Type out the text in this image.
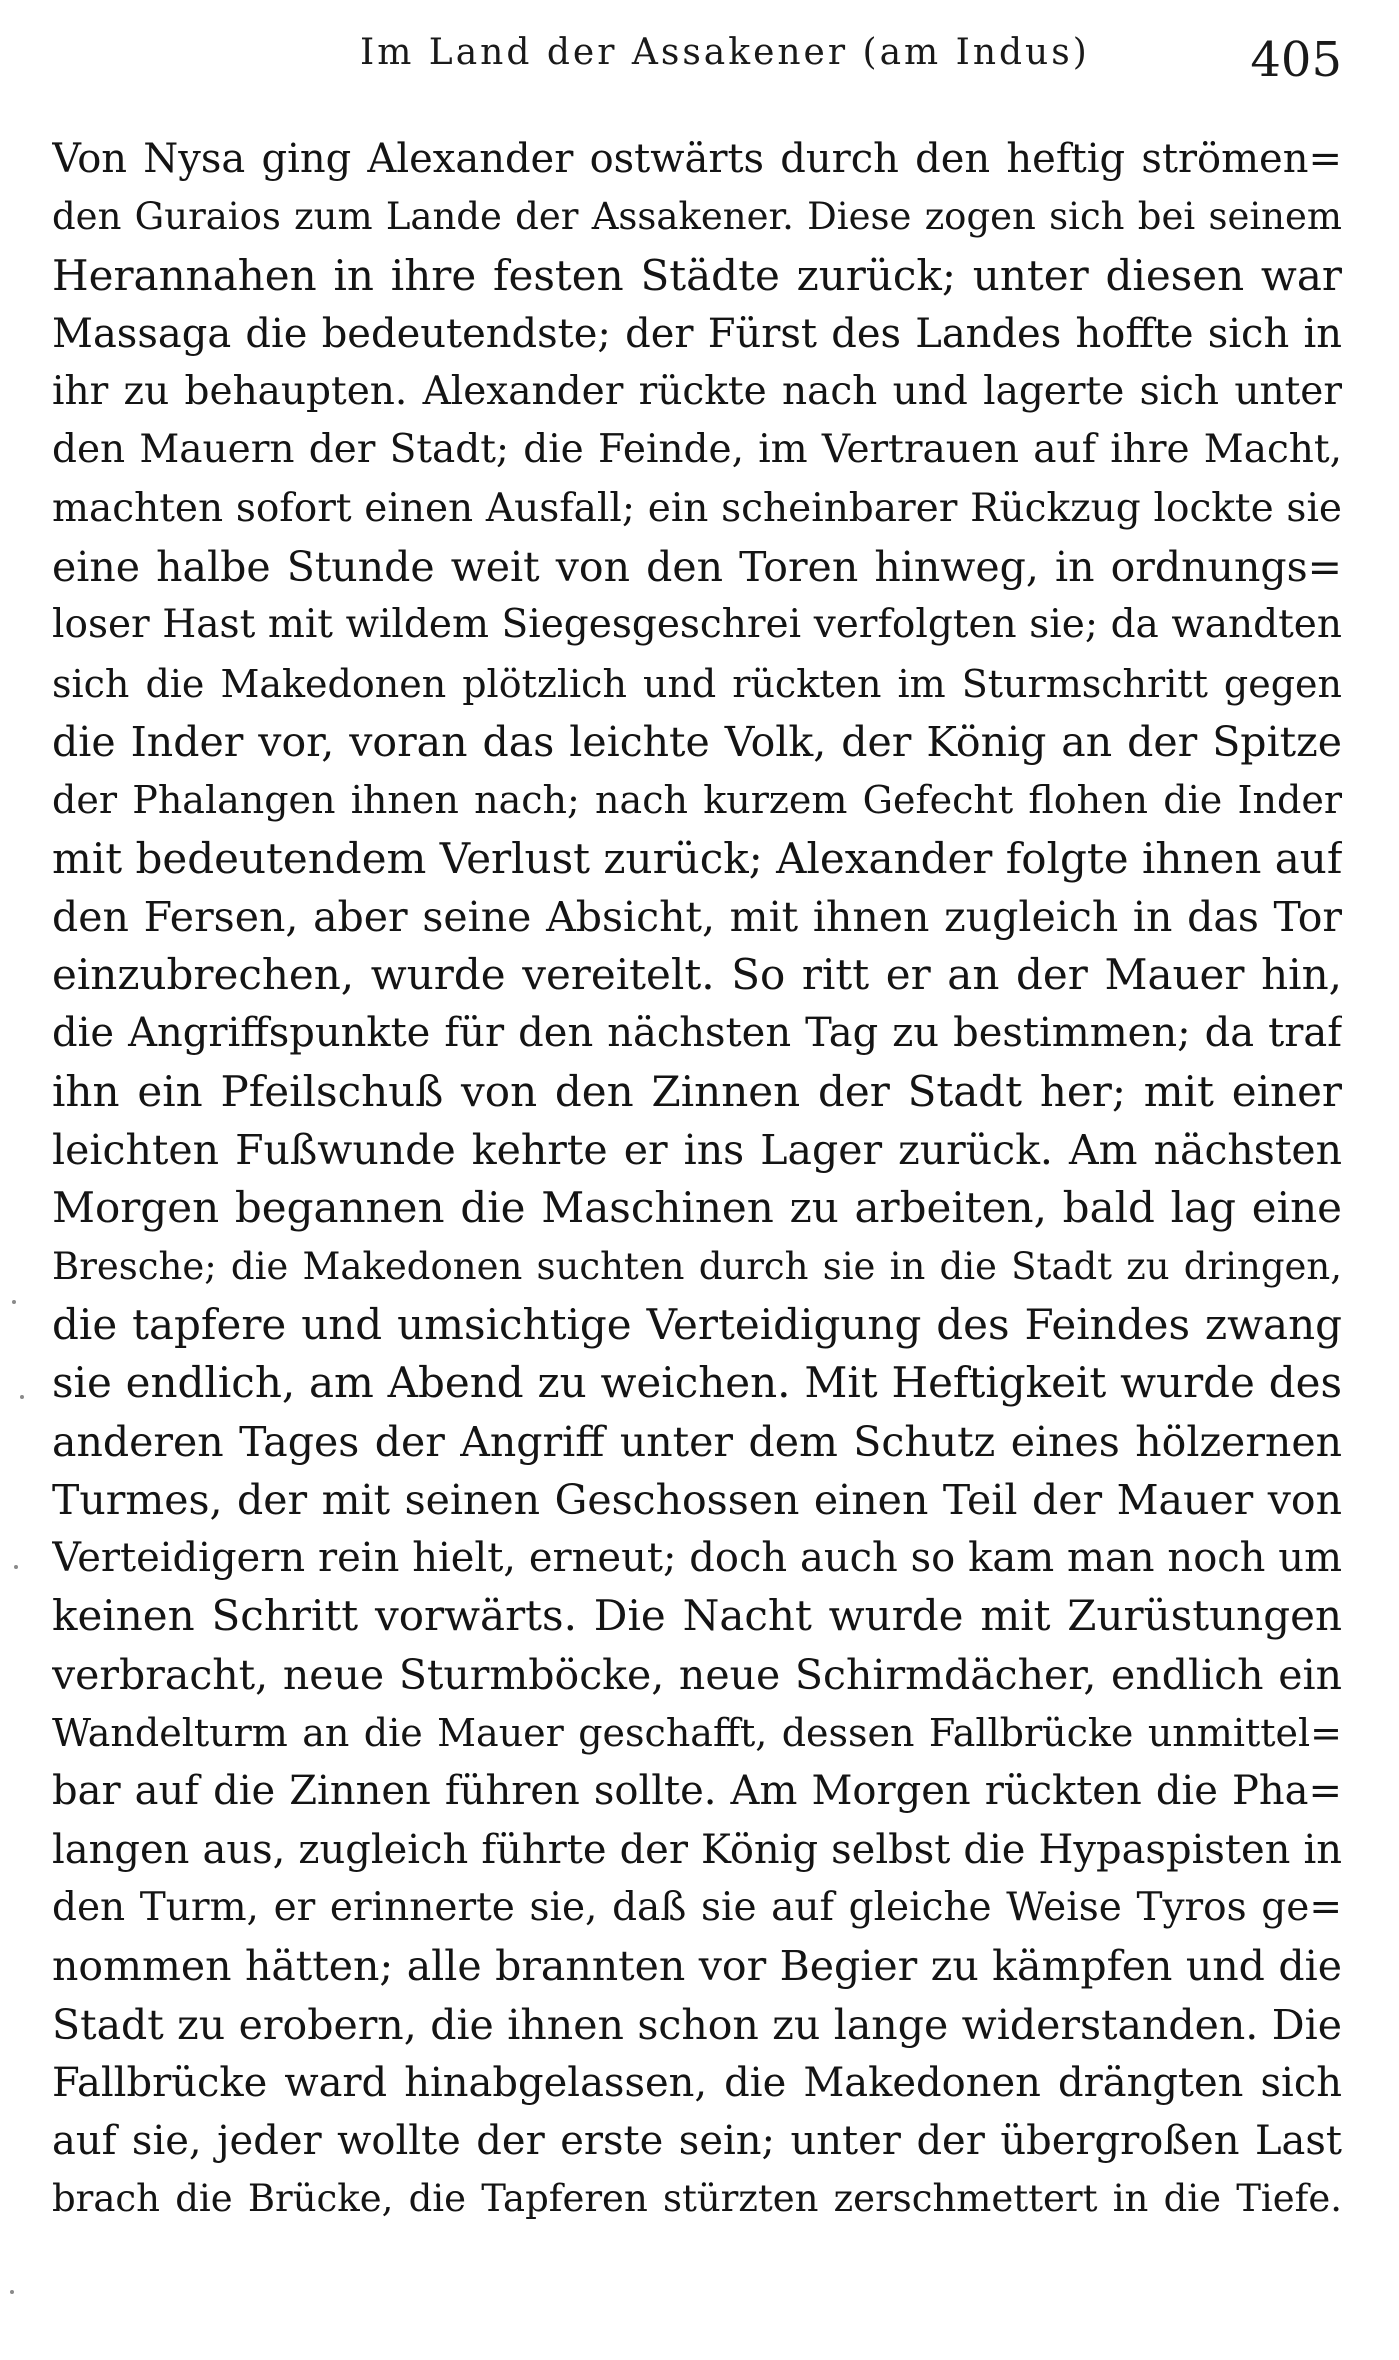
Im Land der Assakener (am Indus)	405
Von Nysa ging Alexander ostwärts durch den heftig strömen=
den Guraios zum Lande der Assakener. Diese zogen sich bei seinem
Herannahen in ihre festen Städte zurück; unter diesen war
Massaga die bedeutendste; der Fürst des Landes hoffte sich in
ihr zu behaupten. Alexander rückte nach und lagerte sich unter
den Mauern der Stadt; die Feinde, im Vertrauen auf ihre Macht,
machten sofort einen Ausfall; ein scheinbarer Rückzug lockte sie
eine halbe Stunde weit von den Toren hinweg, in ordnungs=
loser Hast mit wildem Siegesgeschrei verfolgten sie; da wandten
sich die Makedonen plötzlich und rückten im Sturmschritt gegen
die Inder vor, voran das leichte Volk, der König an der Spitze
der Phalangen ihnen nach; nach kurzem Gefecht flohen die Inder
mit bedeutendem Verlust zurück; Alexander folgte ihnen auf
den Fersen, aber seine Absicht, mit ihnen zugleich in das Tor
einzubrechen, wurde vereitelt. So ritt er an der Mauer hin,
die Angriffspunkte für den nächsten Tag zu bestimmen; da traf
ihn ein Pfeilschuß von den Zinnen der Stadt her; mit einer
leichten Fußwunde kehrte er ins Lager zurück. Am nächsten
Morgen begannen die Maschinen zu arbeiten, bald lag eine
Bresche; die Makedonen suchten durch sie in die Stadt zu dringen,
die tapfere und umsichtige Verteidigung des Feindes zwang
sie endlich, am Abend zu weichen. Mit Heftigkeit wurde des
anderen Tages der Angriff unter dem Schutz eines hölzernen
Turmes, der mit seinen Geschossen einen Teil der Mauer von
Verteidigern rein hielt, erneut; doch auch so kam man noch um
keinen Schritt vorwärts. Die Nacht wurde mit Zurüstungen
verbracht, neue Sturmböcke, neue Schirmdächer, endlich ein
Wandelturm an die Mauer geschafft, dessen Fallbrücke unmittel=
bar auf die Zinnen führen sollte. Am Morgen rückten die Pha=
langen aus, zugleich führte der König selbst die Hypaspisten in
den Turm, er erinnerte sie, daß sie auf gleiche Weise Tyros ge=
nommen hätten; alle brannten vor Begier zu kämpfen und die
Stadt zu erobern, die ihnen schon zu lange widerstanden. Die
Fallbrücke ward hinabgelassen, die Makedonen drängten sich
auf sie, jeder wollte der erste sein; unter der übergroßen Last
brach die Brücke, die Tapferen stürzten zerschmettert in die Tiefe.
